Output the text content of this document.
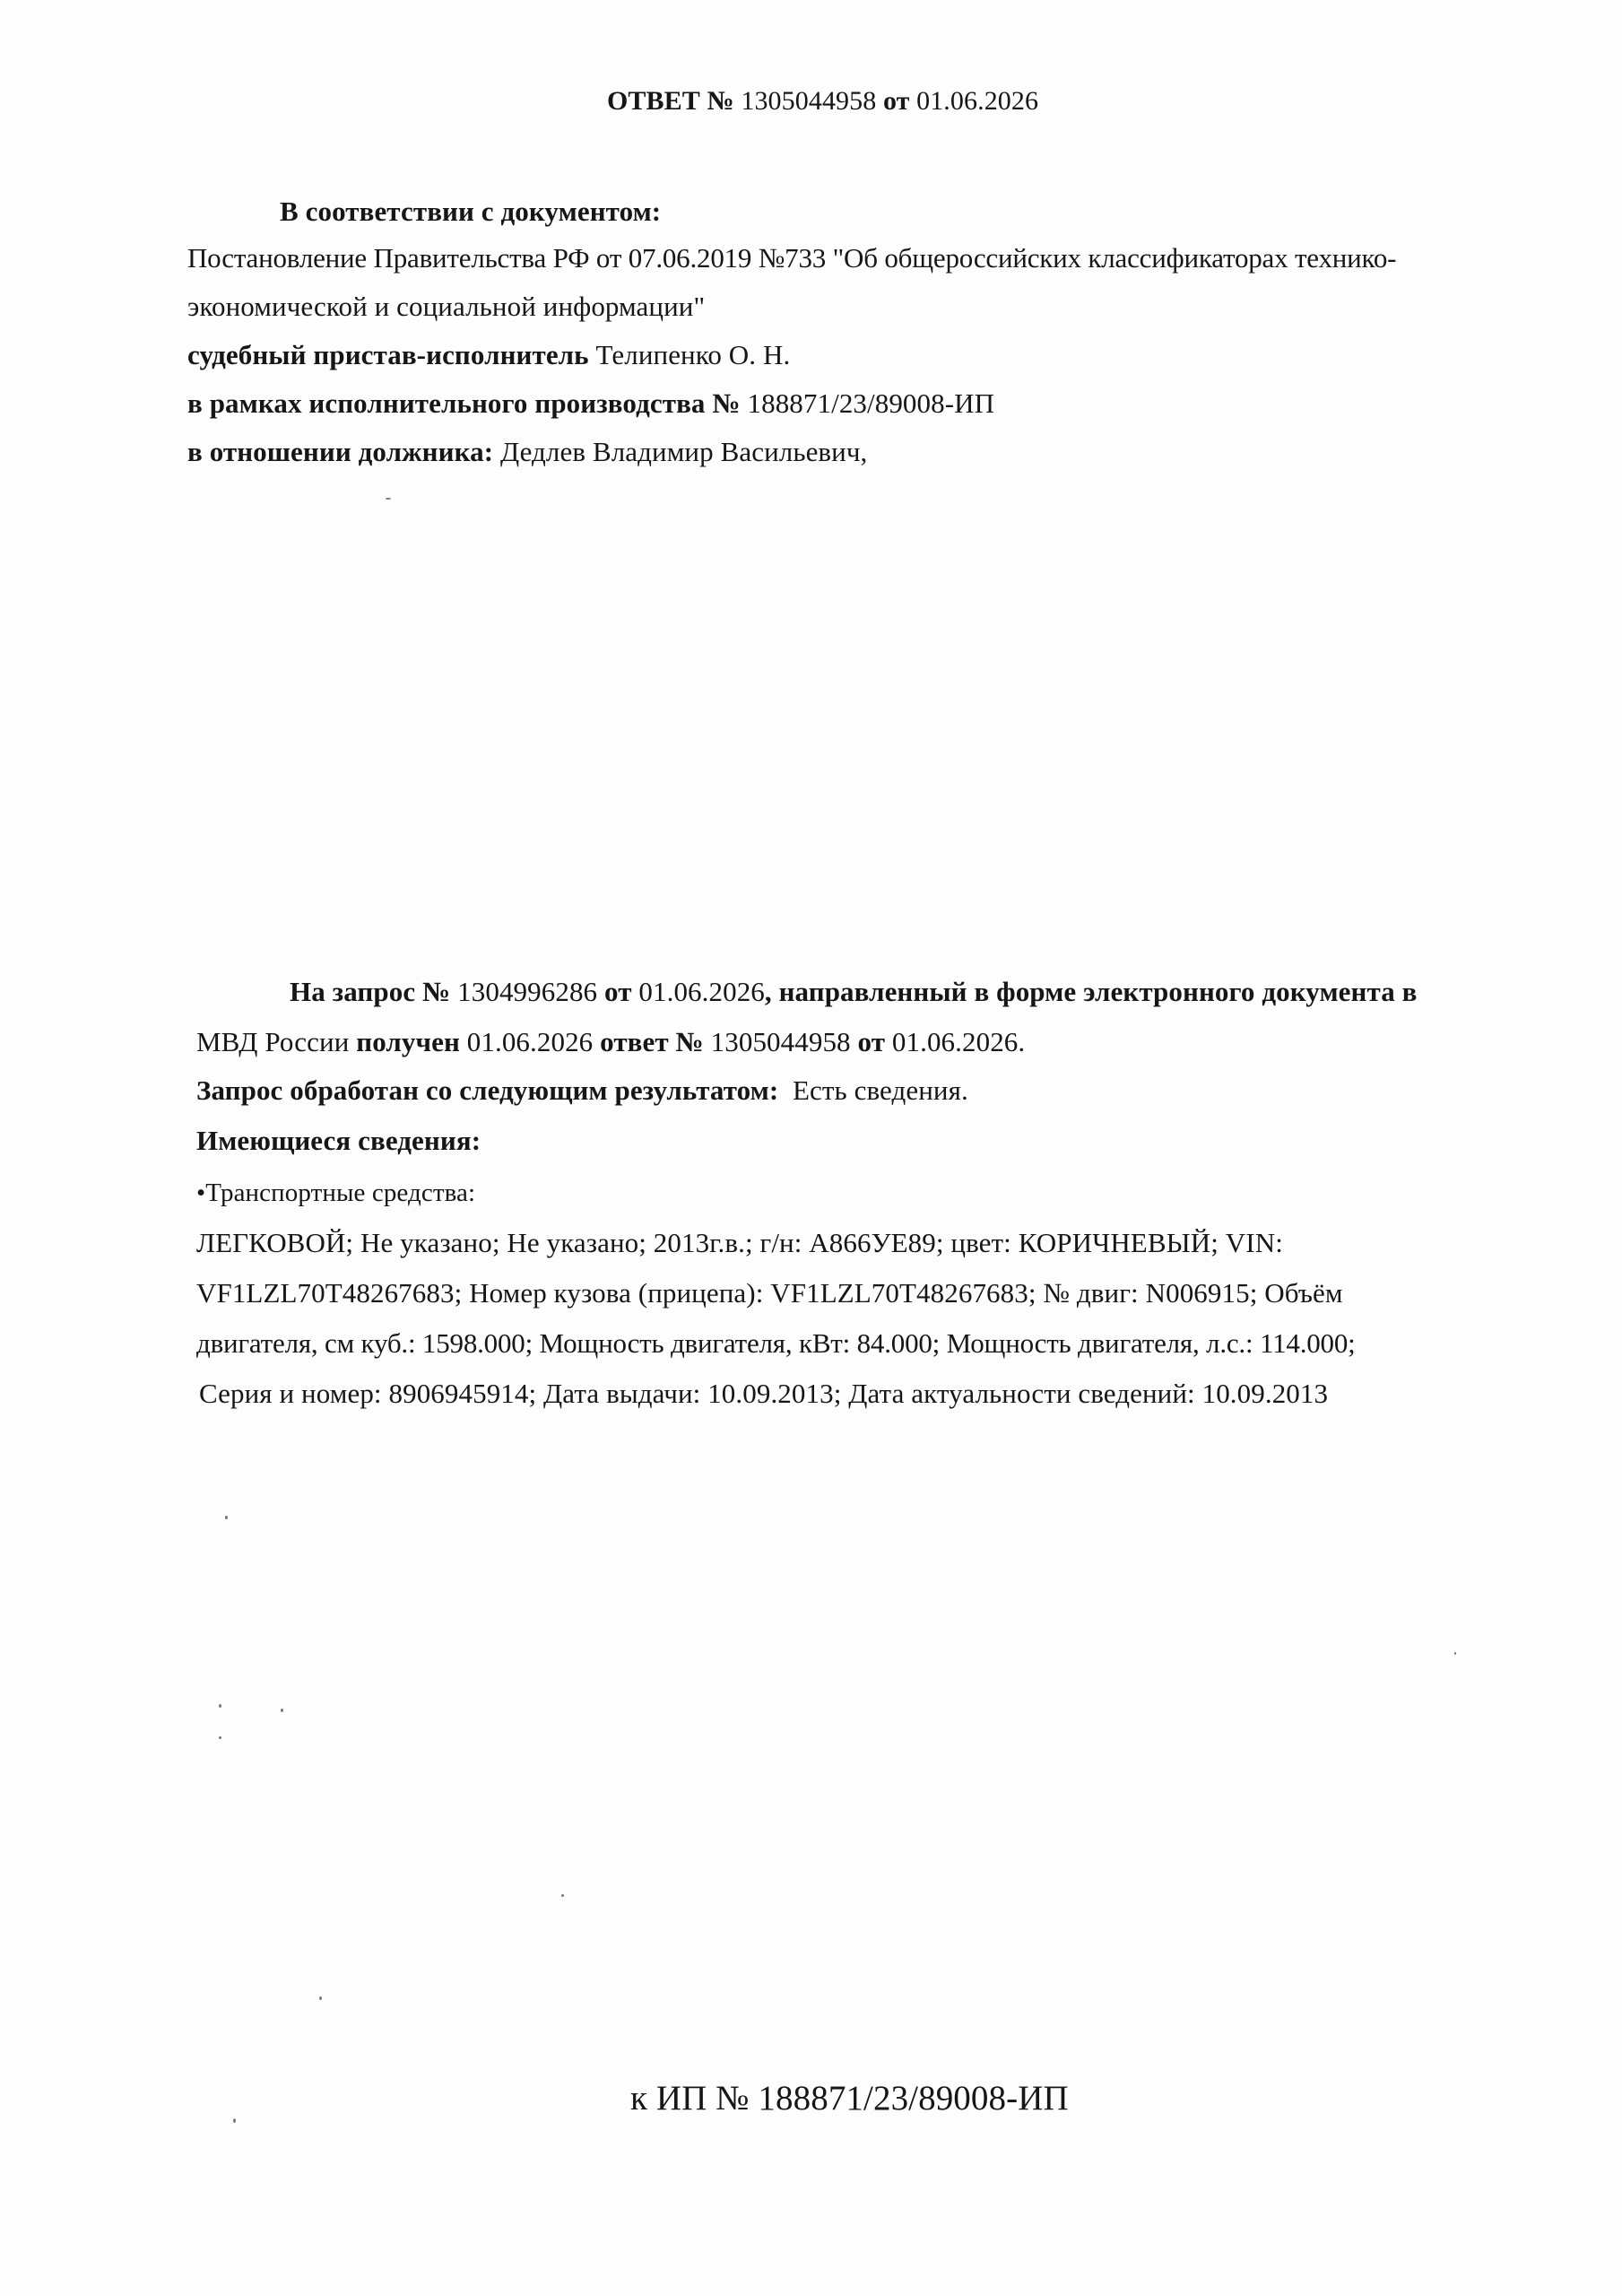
ОТВЕТ № 1305044958 от 01.06.2026
В соответствии с документом:
Постановление Правительства РФ от 07.06.2019 №733 "Об общероссийских классификаторах технико-
экономической и социальной информации"
судебный пристав-исполнитель Телипенко О. Н.
в рамках исполнительного производства № 188871/23/89008-ИП
в отношении должника: Дедлев Владимир Васильевич,
На запрос № 1304996286 от 01.06.2026, направленный в форме электронного документа в
МВД России получен 01.06.2026 ответ № 1305044958 от 01.06.2026.
Запрос обработан со следующим результатом: Есть сведения.
Имеющиеся сведения:
•Транспортные средства:
ЛЕГКОВОЙ; Не указано; Не указано; 2013г.в.; г/н: А866УЕ89; цвет: КОРИЧНЕВЫЙ; VIN:
VF1LZL70T48267683; Номер кузова (прицепа): VF1LZL70T48267683; № двиг: N006915; Объём
двигателя, см куб.: 1598.000; Мощность двигателя, кВт: 84.000; Мощность двигателя, л.с.: 114.000;
Серия и номер: 8906945914; Дата выдачи: 10.09.2013; Дата актуальности сведений: 10.09.2013
к ИП № 188871/23/89008-ИП
